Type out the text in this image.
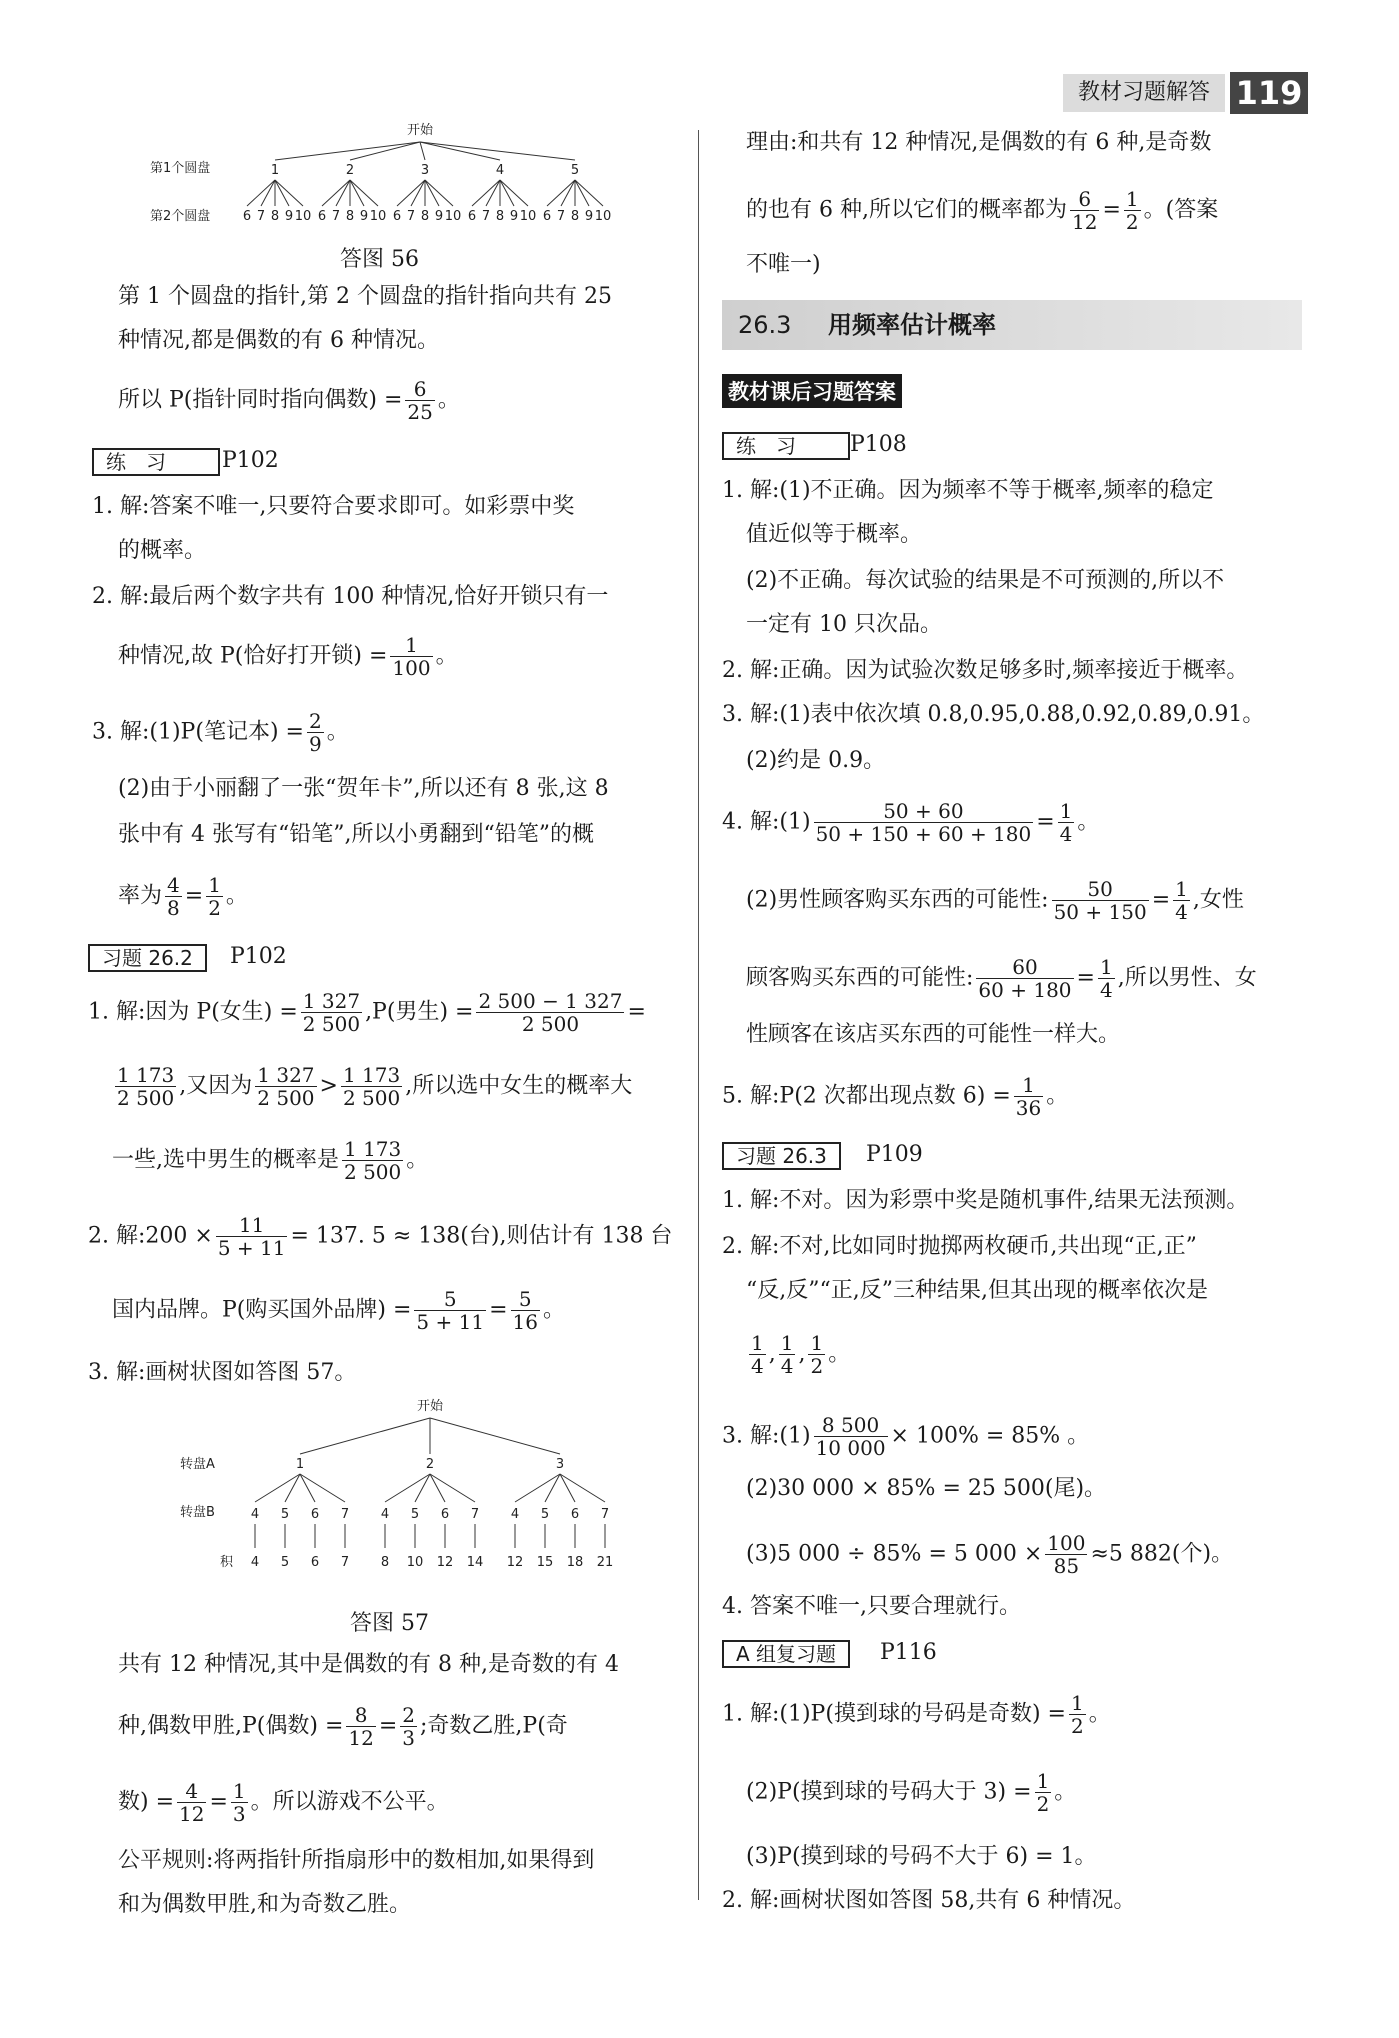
教材习题解答 119
开始
第1个圆盘
第2个圆盘
1
6 7 8 9 10
2
6 7 8 9 10
3
6 7 8 9 10
4
6 7 8 9 10
5
6 7 8 9 10
答图 56
第 1 个圆盘的指针,第 2 个圆盘的指针指向共有 25
种情况,都是偶数的有 6 种情况。
所以 P(指针同时指向偶数) = $\frac{6}{25}$ 。
练　习	P102
1. 解:答案不唯一,只要符合要求即可。如彩票中奖
的概率。
2. 解:最后两个数字共有 100 种情况,恰好开锁只有一
种情况,故 P(恰好打开锁) = $\frac{1}{100}$ 。
3. 解:(1)P(笔记本) = $\frac{2}{9}$ 。
(2)由于小丽翻了一张“贺年卡”,所以还有 8 张,这 8
张中有 4 张写有“铅笔”,所以小勇翻到“铅笔”的概
率为 $\frac{4}{8} = \frac{1}{2}$ 。
习题 26.2	P102
1. 解:因为 P(女生) = $\frac{1 327}{2 500} ,P$(男生) = $\frac{2 500 - 1 327}{2 500}$ =
$\frac{1 173}{2 500}$ ,又因为 $\frac{1 327}{2 500} > \frac{1 173}{2 500}$ ,所以选中女生的概率大
一些,选中男生的概率是 $\frac{1 173}{2 500}$ 。
2. 解:200 × $\frac{11}{5 + 11} = 137$. 5 ≈ 138(台),则估计有 138 台
国内品牌。P(购买国外品牌) = $\frac{5}{5 + 11} = \frac{5}{16}$ 。
3. 解:画树状图如答图 57。
开始
转盘A
转盘B
积
1
4
4
5
5
6
6
7
7
2
4
8
5
10
6
12
7
14
3
4
12
5
15
6
18
7
21
答图 57
共有 12 种情况,其中是偶数的有 8 种,是奇数的有 4
种,偶数甲胜,P(偶数) = $\frac{8}{12} = \frac{2}{3}$ ;奇数乙胜,P(奇
数) = $\frac{4}{12} = \frac{1}{3}$ 。所以游戏不公平。
公平规则:将两指针所指扇形中的数相加,如果得到
和为偶数甲胜,和为奇数乙胜。
理由:和共有 12 种情况,是偶数的有 6 种,是奇数
的也有 6 种,所以它们的概率都为 $\frac{6}{12} = \frac{1}{2}$ 。(答案
不唯一)
26.3 用频率估计概率
教材课后习题答案
练　习	P108
1. 解:(1)不正确。因为频率不等于概率,频率的稳定
值近似等于概率。
(2)不正确。每次试验的结果是不可预测的,所以不
一定有 10 只次品。
2. 解:正确。因为试验次数足够多时,频率接近于概率。
3. 解:(1)表中依次填 0.8,0.95,0.88,0.92,0.89,0.91。
(2)约是 0.9。
4. 解:(1) $\frac{50 + 60}{50 + 150 + 60 + 180} = \frac{1}{4}$ 。
(2)男性顾客购买东西的可能性: $\frac{50}{50 + 150} = \frac{1}{4}$ ,女性
顾客购买东西的可能性: $\frac{60}{60 + 180} = \frac{1}{4}$ ,所以男性、女
性顾客在该店买东西的可能性一样大。
5. 解:P(2 次都出现点数 $6) = \frac{1}{36}$ 。
习题 26.3	P109
1. 解:不对。因为彩票中奖是随机事件,结果无法预测。
2. 解:不对,比如同时抛掷两枚硬币,共出现“正,正”
“反,反”“正,反”三种结果,但其出现的概率依次是
$\frac{1}{4}$ , $\frac{1}{4}$ , $\frac{1}{2}$ 。
3. 解:(1) $\frac{8 500}{10 000} \times 100\% = 85\%$ 。
(2)30 000 × 85% = 25 500(尾)。
(3)5 000 ÷ 85% = 5 $000 \times \frac{100}{85} \approx 5$ 882(个)。
4. 答案不唯一,只要合理就行。
A 组复习题	P116
1. 解:(1)P(摸到球的号码是奇数) = $\frac{1}{2}$ 。
(2)P(摸到球的号码大于 $3) = \frac{1}{2}$ 。
(3)P(摸到球的号码不大于 6) = 1。
2. 解:画树状图如答图 58,共有 6 种情况。
